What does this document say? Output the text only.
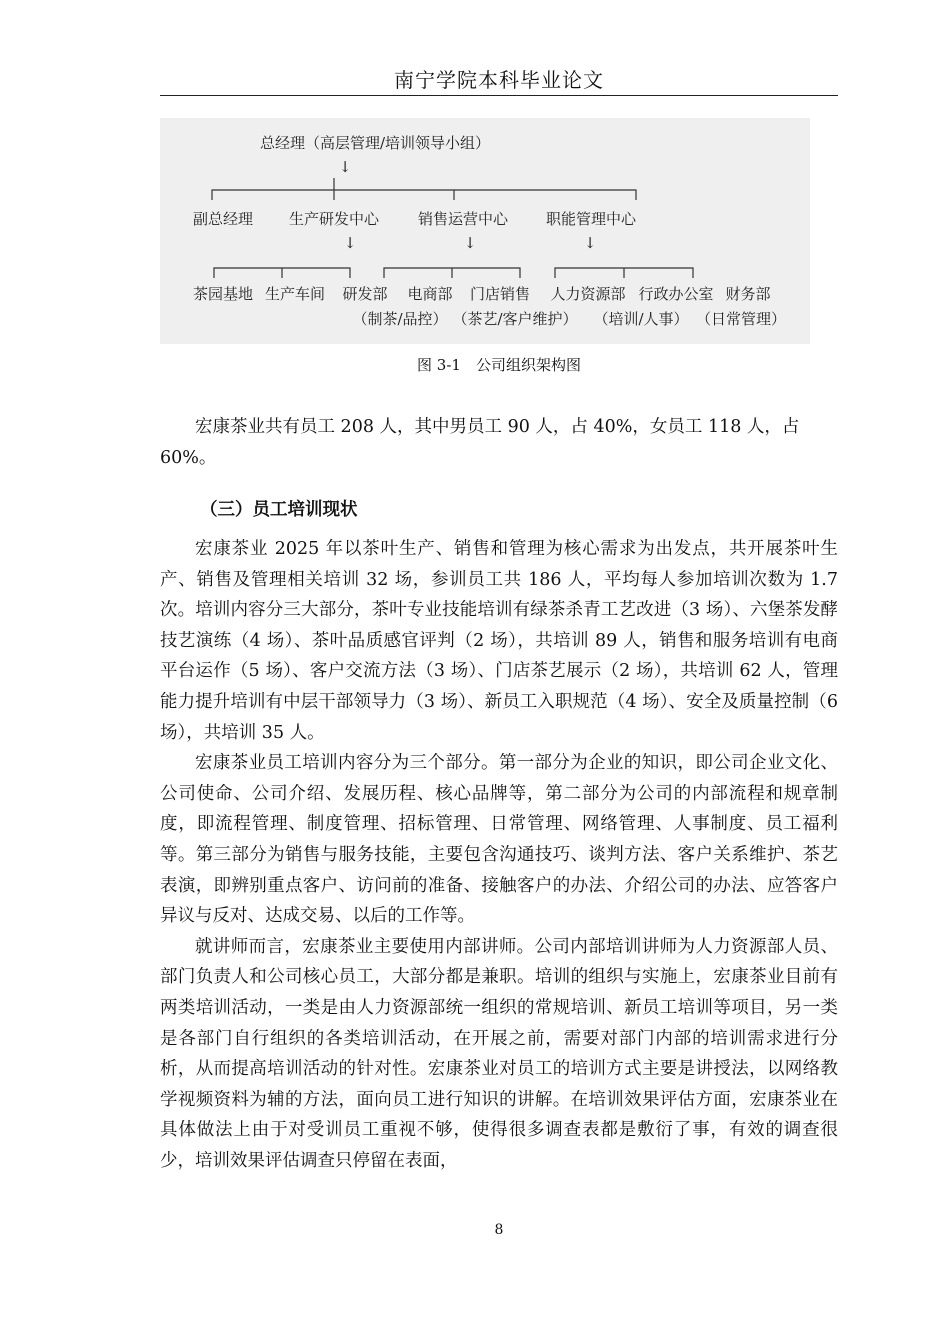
南宁学院本科毕业论文
总经理（高层管理/培训领导小组）
↓
副总经理 生产研发中心	销售运营中心	职能管理中心
↓	↓	↓
茶园基地 生产车间 研发部 电商部 门店销售 人力资源部 行政办公室 财务部
（制茶/品控） （茶艺/客户维护） （培训/人事） （日常管理）
图 3-1　公司组织架构图
宏康茶业共有员工 208 人，其中男员工 90 人，占 40%，女员工 118 人，占
60%。
（三）员工培训现状

宏康茶业 2025 年以茶叶生产、销售和管理为核心需求为出发点，共开展茶叶生产、销售及管理相关培训 32 场，参训员工共 186 人，平均每人参加培训次数为 1.7 次。培训内容分三大部分，茶叶专业技能培训有绿茶杀青工艺改进（3 场）、六堡茶发酵技艺演练（4 场）、茶叶品质感官评判（2 场），共培训 89 人，销售和服务培训有电商平台运作（5 场）、客户交流方法（3 场）、门店茶艺展示（2 场），共培训 62 人，管理能力提升培训有中层干部领导力（3 场）、新员工入职规范（4 场）、安全及质量控制（6 场），共培训 35 人。

宏康茶业员工培训内容分为三个部分。第一部分为企业的知识，即公司企业文化、公司使命、公司介绍、发展历程、核心品牌等，第二部分为公司的内部流程和规章制度，即流程管理、制度管理、招标管理、日常管理、网络管理、人事制度、员工福利等。第三部分为销售与服务技能，主要包含沟通技巧、谈判方法、客户关系维护、茶艺表演，即辨别重点客户、访问前的准备、接触客户的办法、介绍公司的办法、应答客户异议与反对、达成交易、以后的工作等。

就讲师而言，宏康茶业主要使用内部讲师。公司内部培训讲师为人力资源部人员、部门负责人和公司核心员工，大部分都是兼职。培训的组织与实施上，宏康茶业目前有两类培训活动，一类是由人力资源部统一组织的常规培训、新员工培训等项目，另一类是各部门自行组织的各类培训活动，在开展之前，需要对部门内部的培训需求进行分析，从而提高培训活动的针对性。宏康茶业对员工的培训方式主要是讲授法，以网络教学视频资料为辅的方法，面向员工进行知识的讲解。在培训效果评估方面，宏康茶业在具体做法上由于对受训员工重视不够，使得很多调查表都是敷衍了事，有效的调查很少，培训效果评估调查只停留在表面，

8
